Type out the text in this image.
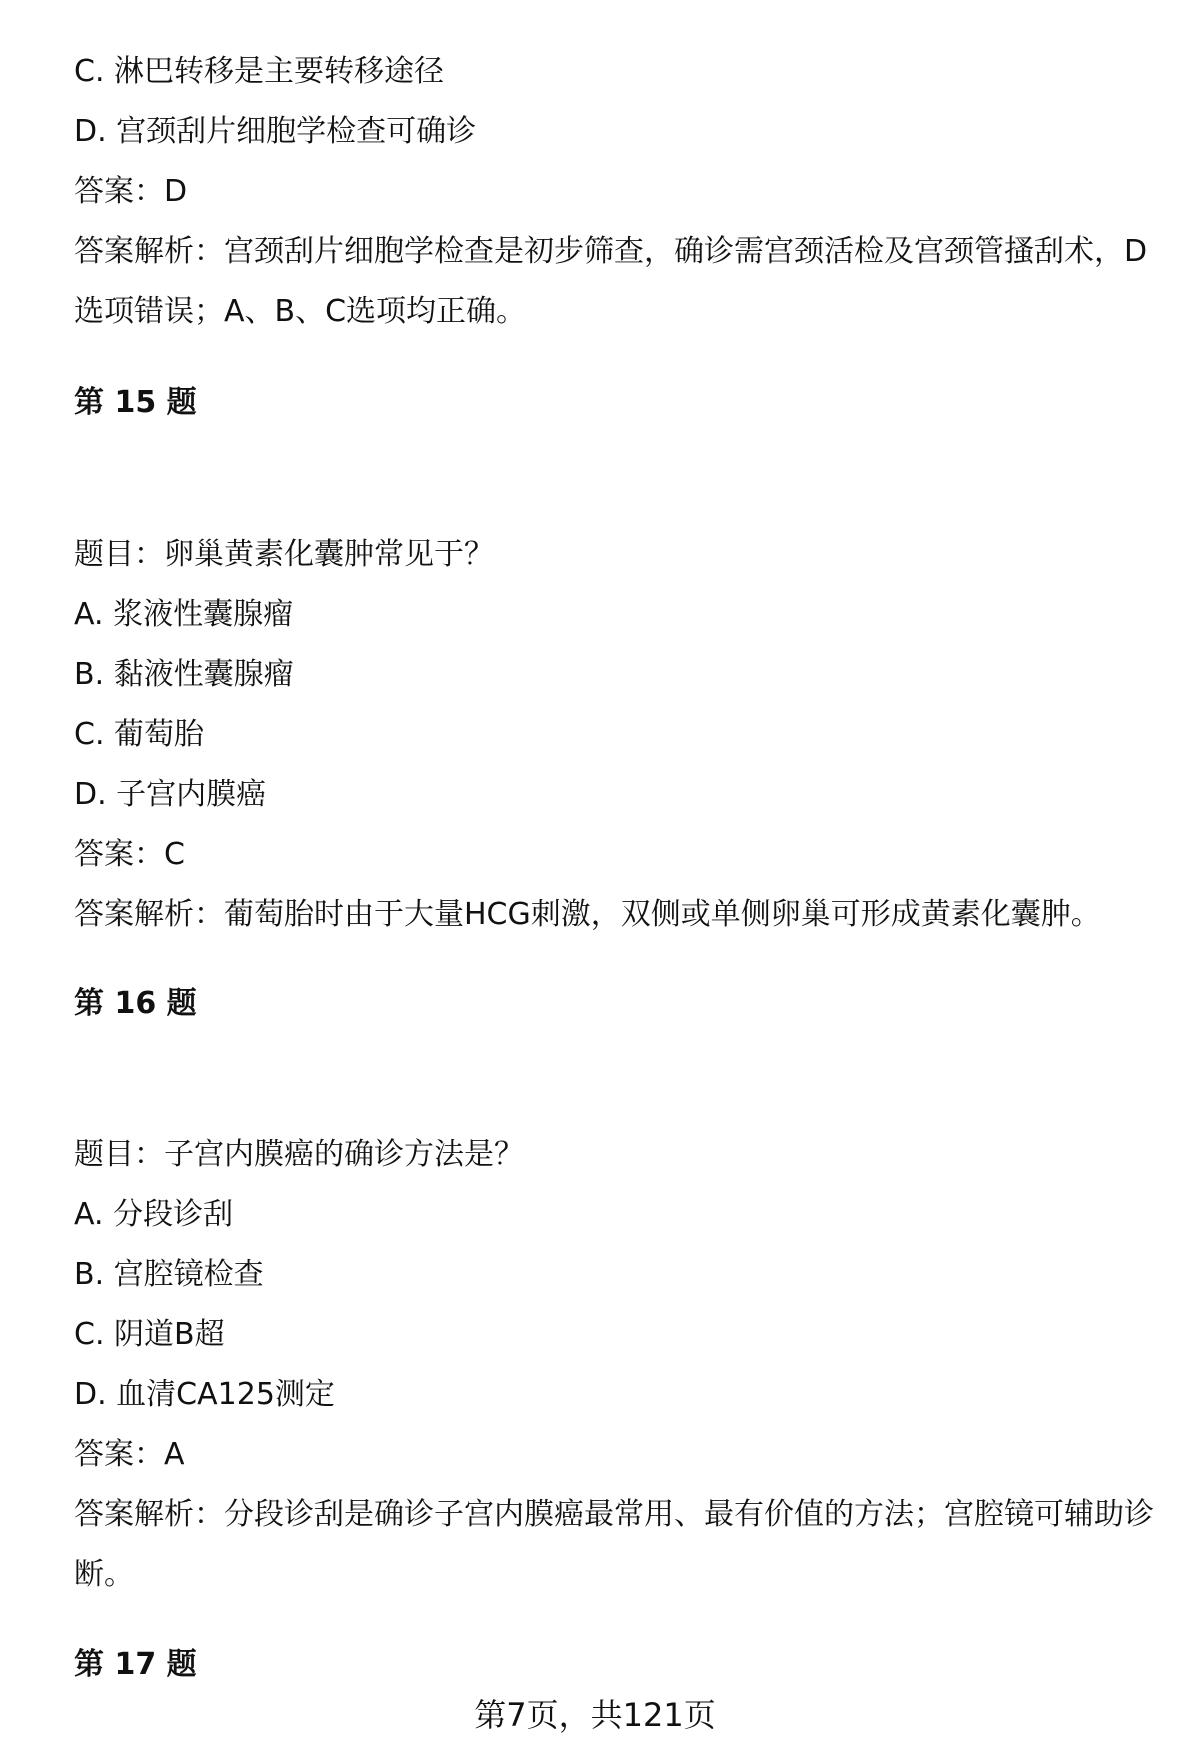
C. 淋巴转移是主要转移途径
D. 宫颈刮片细胞学检查可确诊
答案：D
答案解析：宫颈刮片细胞学检查是初步筛查，确诊需宫颈活检及宫颈管搔刮术，D
选项错误；A、B、C选项均正确。
第 15 题
题目：卵巢黄素化囊肿常见于？
A. 浆液性囊腺瘤
B. 黏液性囊腺瘤
C. 葡萄胎
D. 子宫内膜癌
答案：C
答案解析：葡萄胎时由于大量HCG刺激，双侧或单侧卵巢可形成黄素化囊肿。
第 16 题
题目：子宫内膜癌的确诊方法是？
A. 分段诊刮
B. 宫腔镜检查
C. 阴道B超
D. 血清CA125测定
答案：A
答案解析：分段诊刮是确诊子宫内膜癌最常用、最有价值的方法；宫腔镜可辅助诊
断。
第 17 题
第7页，共121页
